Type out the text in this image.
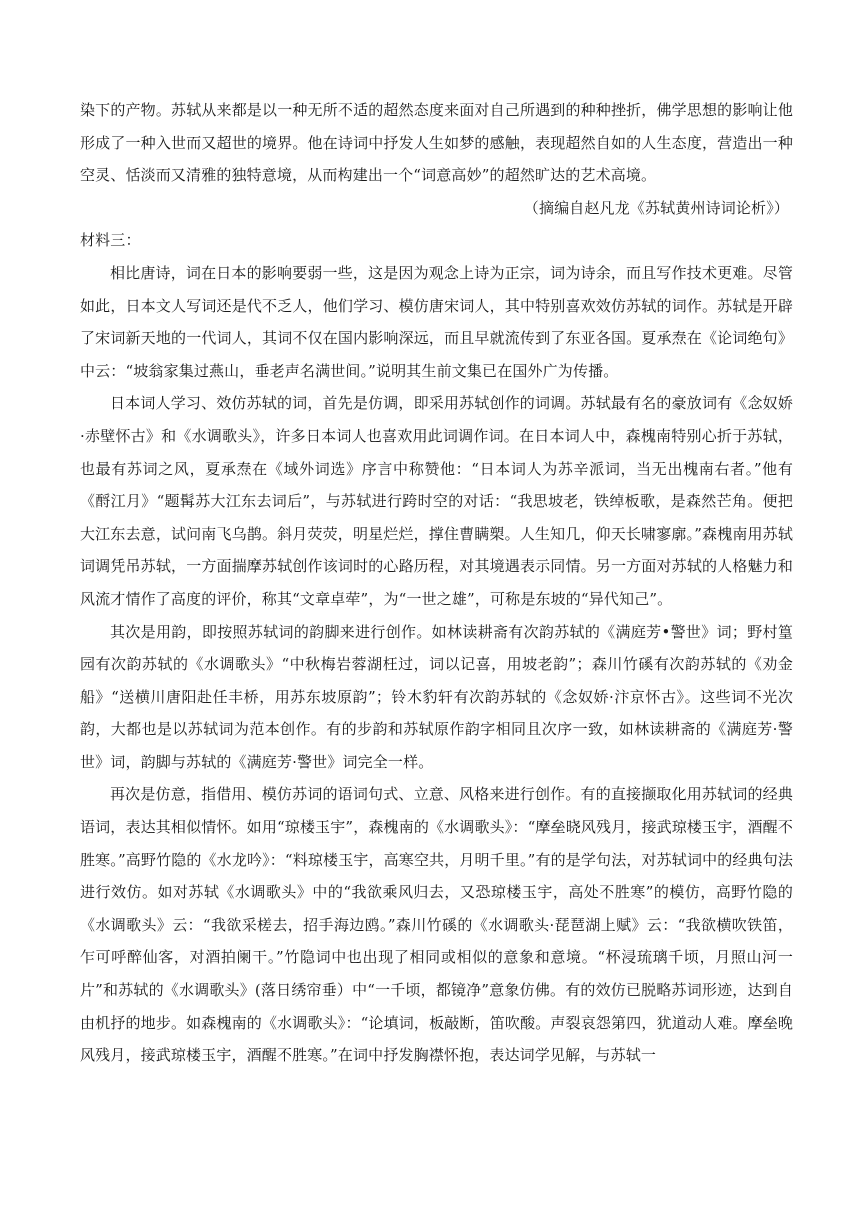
染下的产物。苏轼从来都是以一种无所不适的超然态度来面对自己所遇到的种种挫折，佛学思想的影响让他形成了一种入世而又超世的境界。他在诗词中抒发人生如梦的感触，表现超然自如的人生态度，营造出一种空灵、恬淡而又清雅的独特意境，从而构建出一个“词意高妙”的超然旷达的艺术高境。

（摘编自赵凡龙《苏轼黄州诗词论析》）

材料三：

相比唐诗，词在日本的影响要弱一些，这是因为观念上诗为正宗，词为诗余，而且写作技术更难。尽管如此，日本文人写词还是代不乏人，他们学习、模仿唐宋词人，其中特别喜欢效仿苏轼的词作。苏轼是开辟了宋词新天地的一代词人，其词不仅在国内影响深远，而且早就流传到了东亚各国。夏承焘在《论词绝句》中云：“坡翁家集过燕山，垂老声名满世间。”说明其生前文集已在国外广为传播。

日本词人学习、效仿苏轼的词，首先是仿调，即采用苏轼创作的词调。苏轼最有名的豪放词有《念奴娇·赤壁怀古》和《水调歌头》，许多日本词人也喜欢用此词调作词。在日本词人中，森槐南特别心折于苏轼，也最有苏词之风，夏承焘在《域外词选》序言中称赞他：“日本词人为苏辛派词，当无出槐南右者。”他有《酹江月》“题髯苏大江东去词后”，与苏轼进行跨时空的对话：“我思坡老，铁绰板歌，是森然芒角。便把大江东去意，试问南飞乌鹊。斜月荧荧，明星烂烂，撑住曹瞒槊。人生知几，仰天长啸寥廓。”森槐南用苏轼词调凭吊苏轼，一方面揣摩苏轼创作该词时的心路历程，对其境遇表示同情。另一方面对苏轼的人格魅力和风流才情作了高度的评价，称其“文章卓荦”，为“一世之雄”，可称是东坡的“异代知己”。

其次是用韵，即按照苏轼词的韵脚来进行创作。如林读耕斋有次韵苏轼的《满庭芳•警世》词；野村篁园有次韵苏轼的《水调歌头》“中秋梅岩蓉湖枉过，词以记喜，用坡老韵”；森川竹磎有次韵苏轼的《劝金船》“送横川唐阳赴任丰桥，用苏东坡原韵”；铃木豹轩有次韵苏轼的《念奴娇·汴京怀古》。这些词不光次韵，大都也是以苏轼词为范本创作。有的步韵和苏轼原作韵字相同且次序一致，如林读耕斋的《满庭芳·警世》词，韵脚与苏轼的《满庭芳·警世》词完全一样。

再次是仿意，指借用、模仿苏词的语词句式、立意、风格来进行创作。有的直接撷取化用苏轼词的经典语词，表达其相似情怀。如用“琼楼玉宇”，森槐南的《水调歌头》：“摩垒晓风残月，接武琼楼玉宇，酒醒不胜寒。”高野竹隐的《水龙吟》：“料琼楼玉宇，高寒空共，月明千里。”有的是学句法，对苏轼词中的经典句法进行效仿。如对苏轼《水调歌头》中的“我欲乘风归去，又恐琼楼玉宇，高处不胜寒”的模仿，高野竹隐的《水调歌头》云：“我欲采槎去，招手海边鸥。”森川竹磎的《水调歌头·琵琶湖上赋》云：“我欲横吹铁笛，乍可呼醉仙客，对酒拍阑干。”竹隐词中也出现了相同或相似的意象和意境。“杯浸琉璃千顷，月照山河一片”和苏轼的《水调歌头》(落日绣帘垂）中“一千顷，都镜净”意象仿佛。有的效仿已脱略苏词形迹，达到自由机抒的地步。如森槐南的《水调歌头》：“论填词，板敲断，笛吹酸。声裂哀怨第四，犹道动人难。摩垒晚风残月，接武琼楼玉宇，酒醒不胜寒。”在词中抒发胸襟怀抱，表达词学见解，与苏轼一
